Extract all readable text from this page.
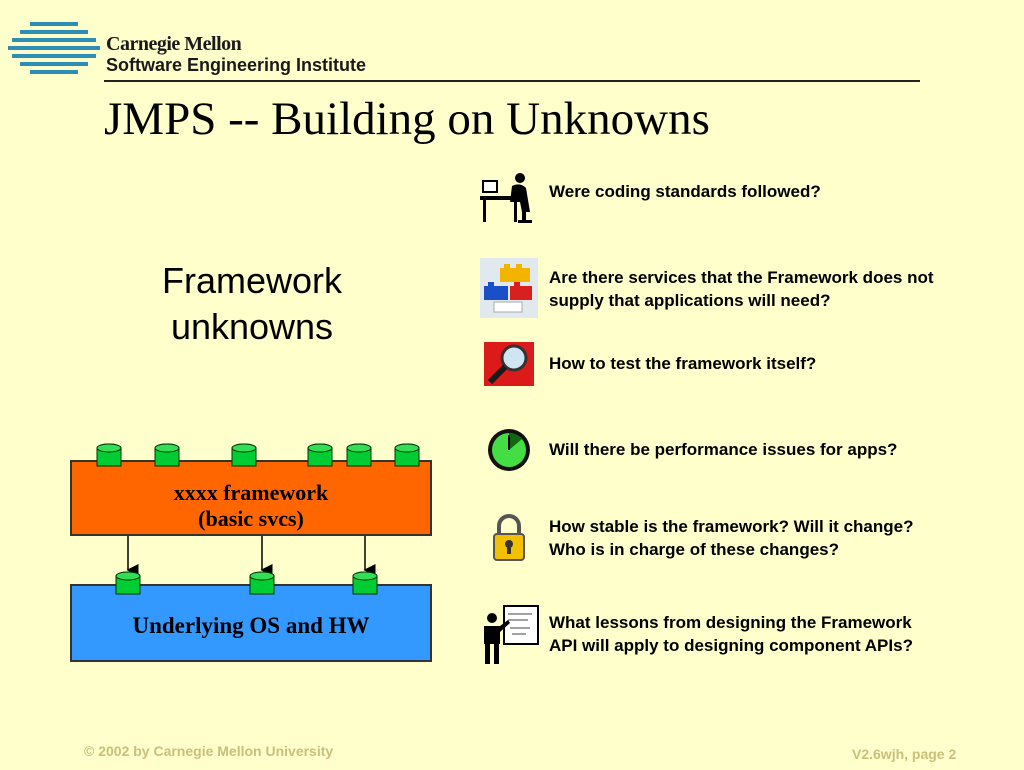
Carnegie Mellon
Software Engineering Institute
JMPS -- Building on Unknowns
Framework
unknowns
xxxx framework
(basic svcs)
Underlying OS and HW
Were coding standards followed?
Are there services that the Framework does not
supply that applications will need?
How to test the framework itself?
Will there be performance issues for apps?
How stable is the framework? Will it change?
Who is in charge of these changes?
What lessons from designing the Framework
API will apply to designing component APIs?
© 2002 by Carnegie Mellon University	V2.6wjh, page 2
